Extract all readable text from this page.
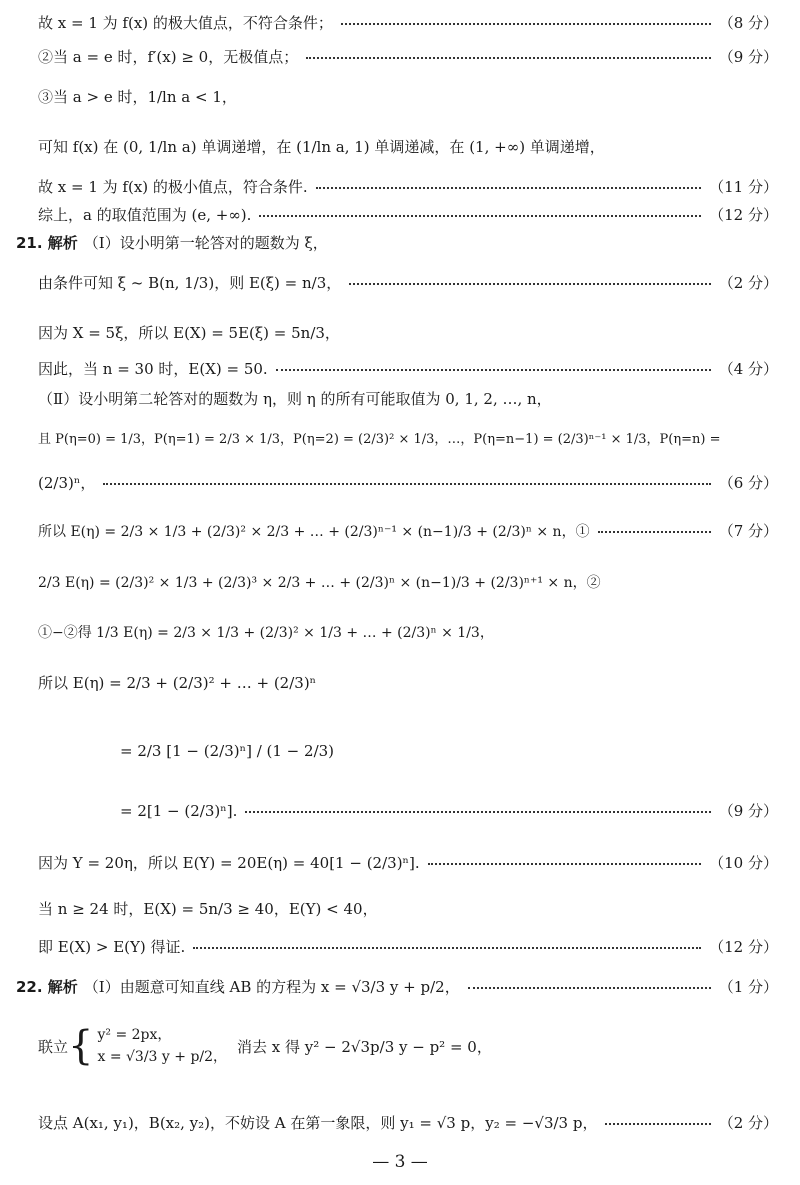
故 x = 1 为 f(x) 的极大值点，不符合条件；	（8 分）
②当 a = e 时，f′(x) ≥ 0，无极值点；	（9 分）
③当 a > e 时，1/ln a < 1，
可知 f(x) 在 (0, 1/ln a) 单调递增，在 (1/ln a, 1) 单调递减，在 (1, +∞) 单调递增，
故 x = 1 为 f(x) 的极小值点，符合条件.	（11 分）
综上，a 的取值范围为 (e, +∞).	（12 分）
21. 解析 （Ⅰ）设小明第一轮答对的题数为 ξ，
由条件可知 ξ ~ B(n, 1/3)，则 E(ξ) = n/3，	（2 分）
因为 X = 5ξ，所以 E(X) = 5E(ξ) = 5n/3，
因此，当 n = 30 时，E(X) = 50.	（4 分）
（Ⅱ）设小明第二轮答对的题数为 η，则 η 的所有可能取值为 0, 1, 2, …, n，
且 P(η=0) = 1/3，P(η=1) = 2/3 × 1/3，P(η=2) = (2/3)² × 1/3，…，P(η=n−1) = (2/3)ⁿ⁻¹ × 1/3，P(η=n) =
(2/3)ⁿ，	（6 分）
所以 E(η) = 2/3 × 1/3 + (2/3)² × 2/3 + … + (2/3)ⁿ⁻¹ × (n−1)/3 + (2/3)ⁿ × n，①	（7 分）
2/3 E(η) = (2/3)² × 1/3 + (2/3)³ × 2/3 + … + (2/3)ⁿ × (n−1)/3 + (2/3)ⁿ⁺¹ × n，②
①−②得 1/3 E(η) = 2/3 × 1/3 + (2/3)² × 1/3 + … + (2/3)ⁿ × 1/3，
所以 E(η) = 2/3 + (2/3)² + … + (2/3)ⁿ
= 2/3 [1 − (2/3)ⁿ] / (1 − 2/3)
= 2[1 − (2/3)ⁿ].	（9 分）
因为 Y = 20η，所以 E(Y) = 20E(η) = 40[1 − (2/3)ⁿ].	（10 分）
当 n ≥ 24 时，E(X) = 5n/3 ≥ 40，E(Y) < 40，
即 E(X) > E(Y) 得证.	（12 分）
22. 解析 （Ⅰ）由题意可知直线 AB 的方程为 x = √3/3 y + p/2，	（1 分）
联立 { y² = 2px，
x = √3/3 y + p/2，
消去 x 得 y² − 2√3p/3 y − p² = 0，
设点 A(x₁, y₁)，B(x₂, y₂)，不妨设 A 在第一象限，则 y₁ = √3 p，y₂ = −√3/3 p，	（2 分）
— 3 —
